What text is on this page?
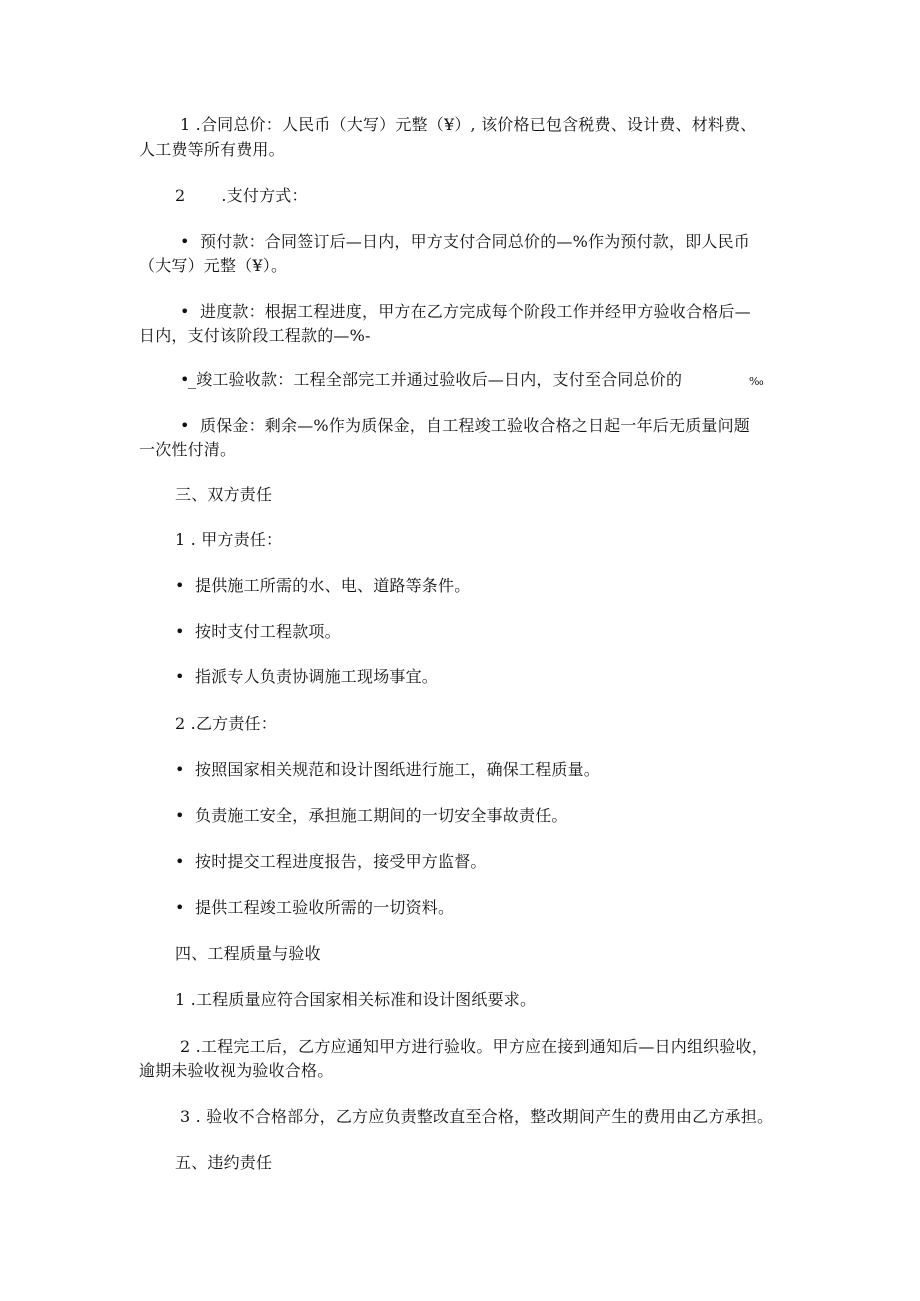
1 .合同总价：人民币（大写）元整（¥）, 该价格已包含税费、设计费、材料费、
人工费等所有费用。
2 .支付方式：
• 预付款：合同签订后—日内，甲方支付合同总价的—%作为预付款，即人民币
（大写）元整（¥）。
• 进度款：根据工程进度，甲方在乙方完成每个阶段工作并经甲方验收合格后—
日内，支付该阶段工程款的—%-
•_竣工验收款：工程全部完工并通过验收后—日内，支付至合同总价的	‰
• 质保金：剩余—%作为质保金，自工程竣工验收合格之日起一年后无质量问题
一次性付清。
三、双方责任
1 . 甲方责任：
• 提供施工所需的水、电、道路等条件。
• 按时支付工程款项。
• 指派专人负责协调施工现场事宜。
2 .乙方责任：
• 按照国家相关规范和设计图纸进行施工，确保工程质量。
• 负责施工安全，承担施工期间的一切安全事故责任。
• 按时提交工程进度报告，接受甲方监督。
• 提供工程竣工验收所需的一切资料。
四、工程质量与验收
1 .工程质量应符合国家相关标准和设计图纸要求。
2 .工程完工后，乙方应通知甲方进行验收。甲方应在接到通知后—日内组织验收，
逾期未验收视为验收合格。
3 . 验收不合格部分，乙方应负责整改直至合格，整改期间产生的费用由乙方承担。
五、违约责任
